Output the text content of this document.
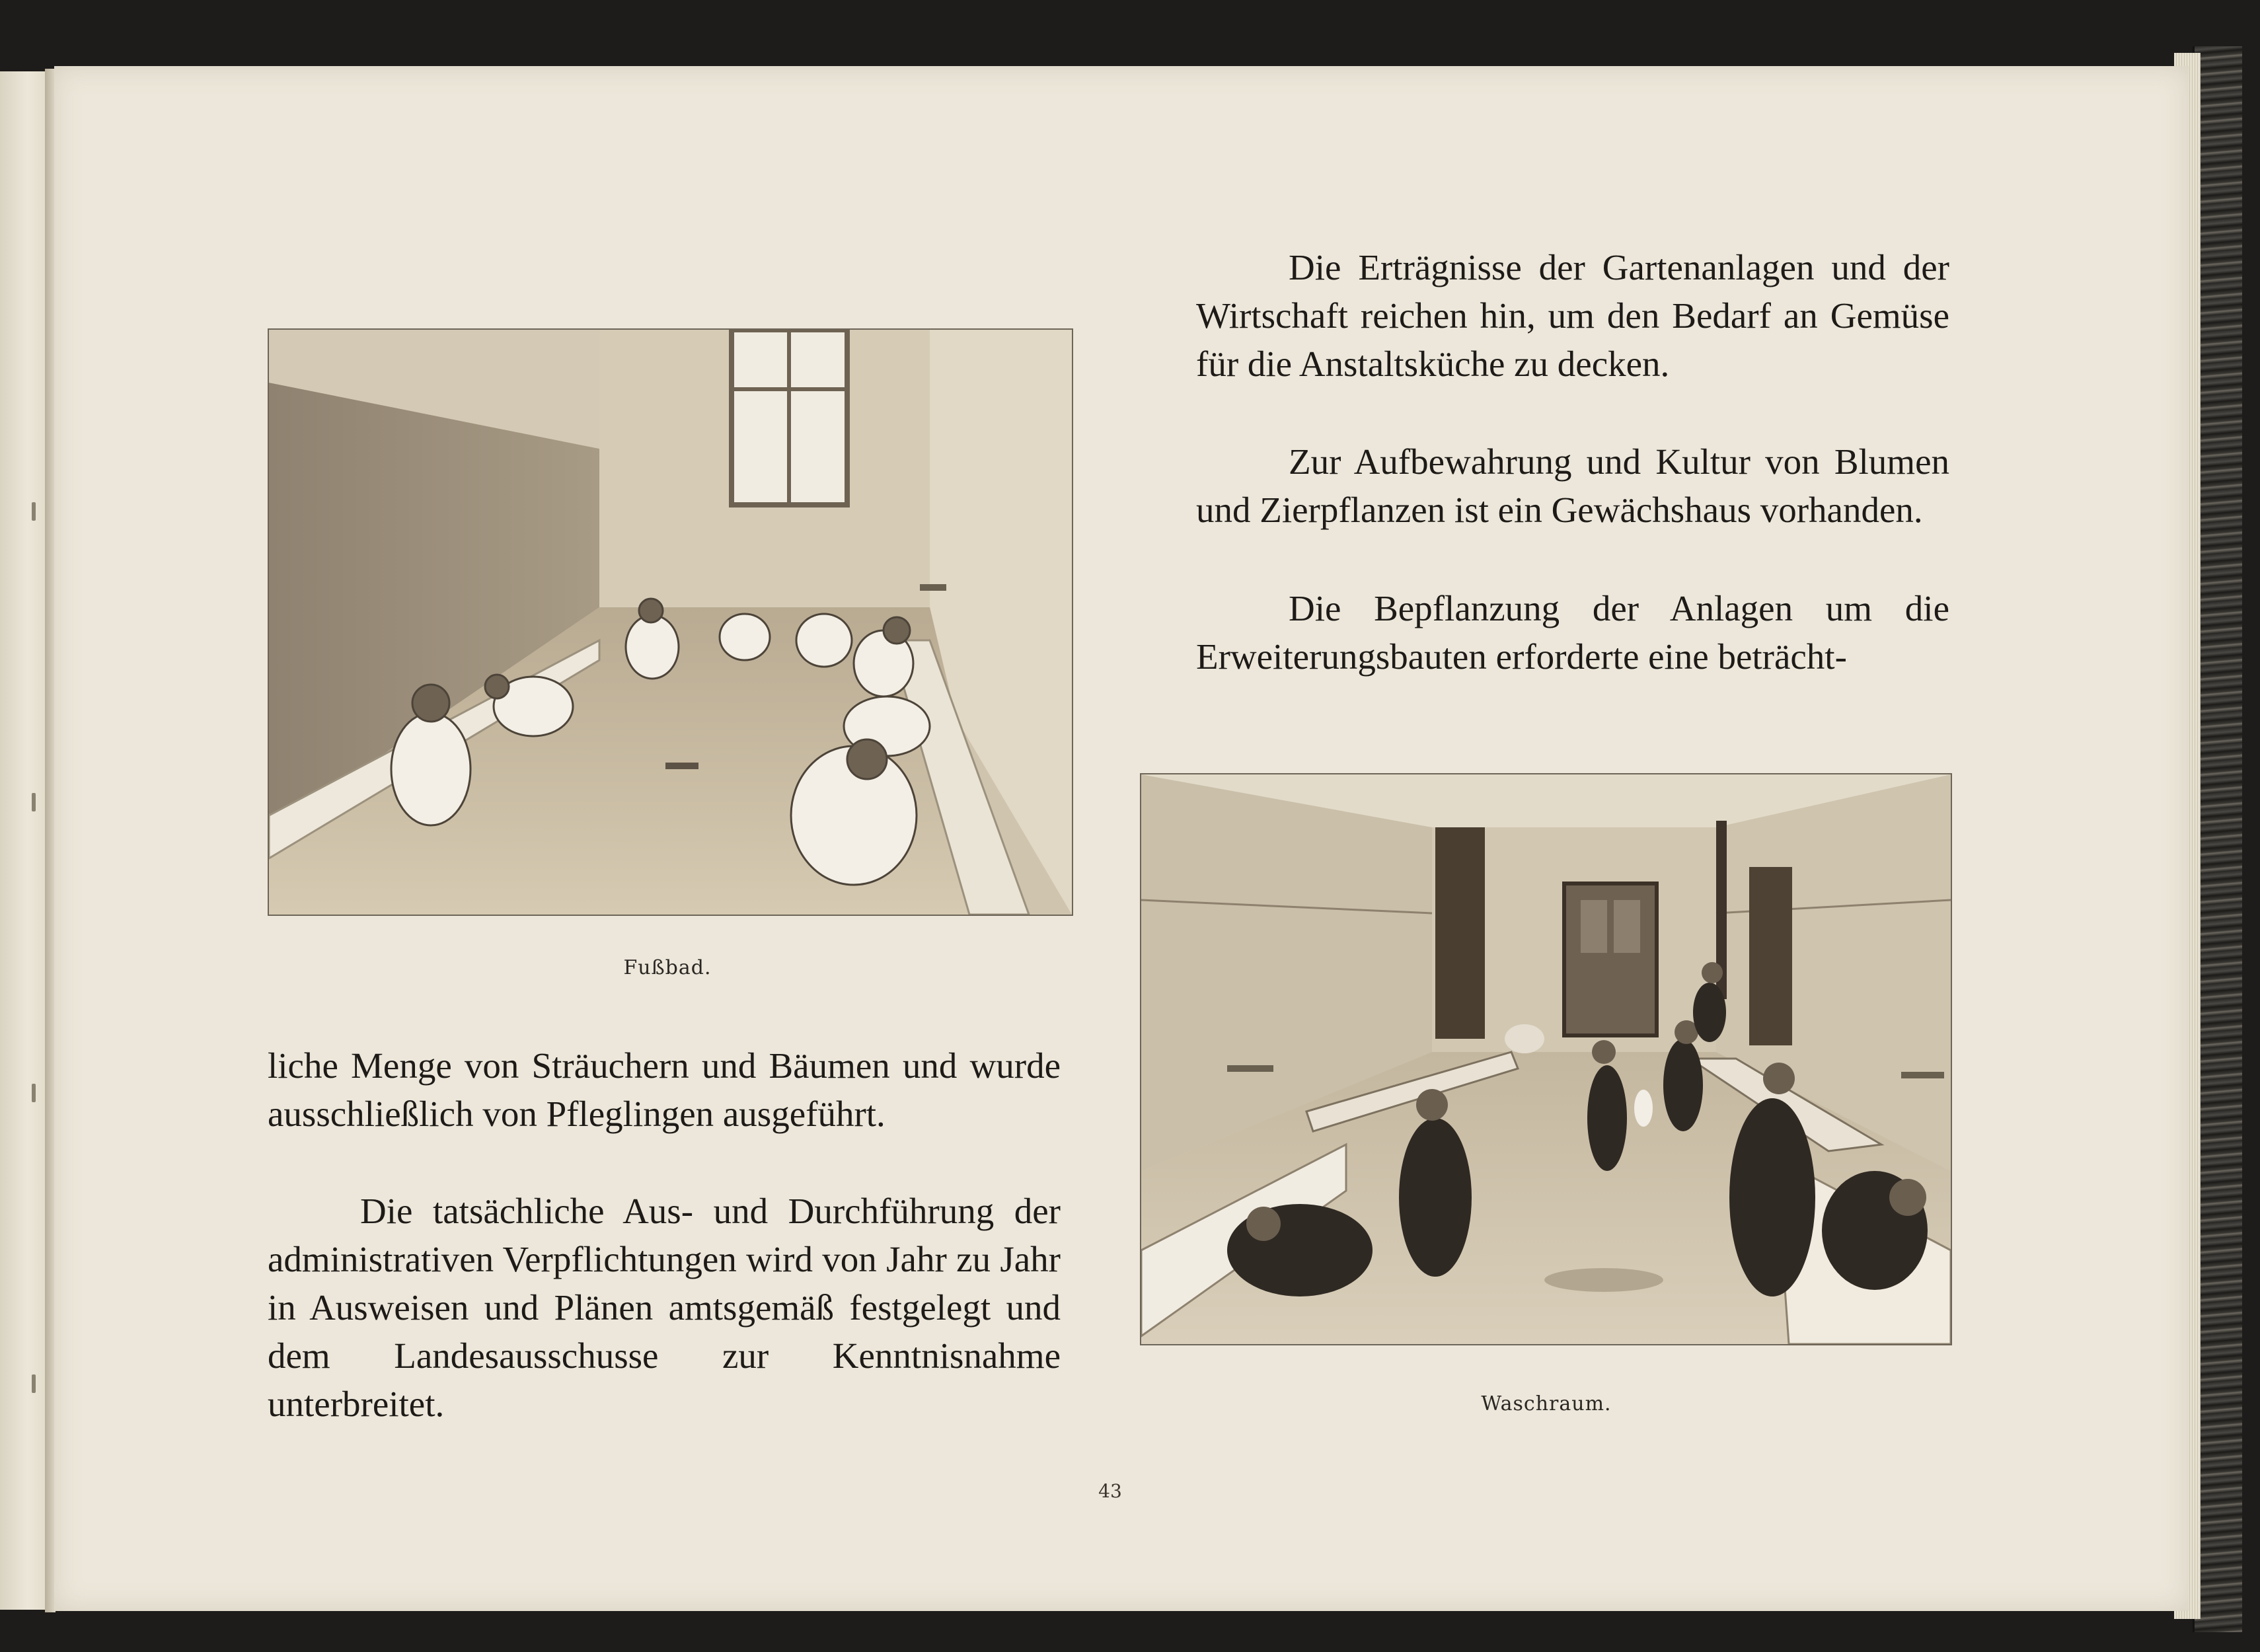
Fußbad.

Die Erträgnisse der Gartenanlagen und der Wirtschaft reichen hin, um den Bedarf an Gemüse für die Anstaltsküche zu decken.

Zur Aufbewahrung und Kultur von Blumen und Zierpflanzen ist ein Gewächshaus vorhanden.

Die Bepflanzung der Anlagen um die Erweiterungsbauten erforderte eine beträcht-

Waschraum.

liche Menge von Sträuchern und Bäumen und wurde ausschließlich von Pfleglingen ausgeführt.

Die tatsächliche Aus- und Durchführung der administrativen Verpflichtungen wird von Jahr zu Jahr in Ausweisen und Plänen amtsgemäß festgelegt und dem Landesausschusse zur Kenntnisnahme unterbreitet.

43
